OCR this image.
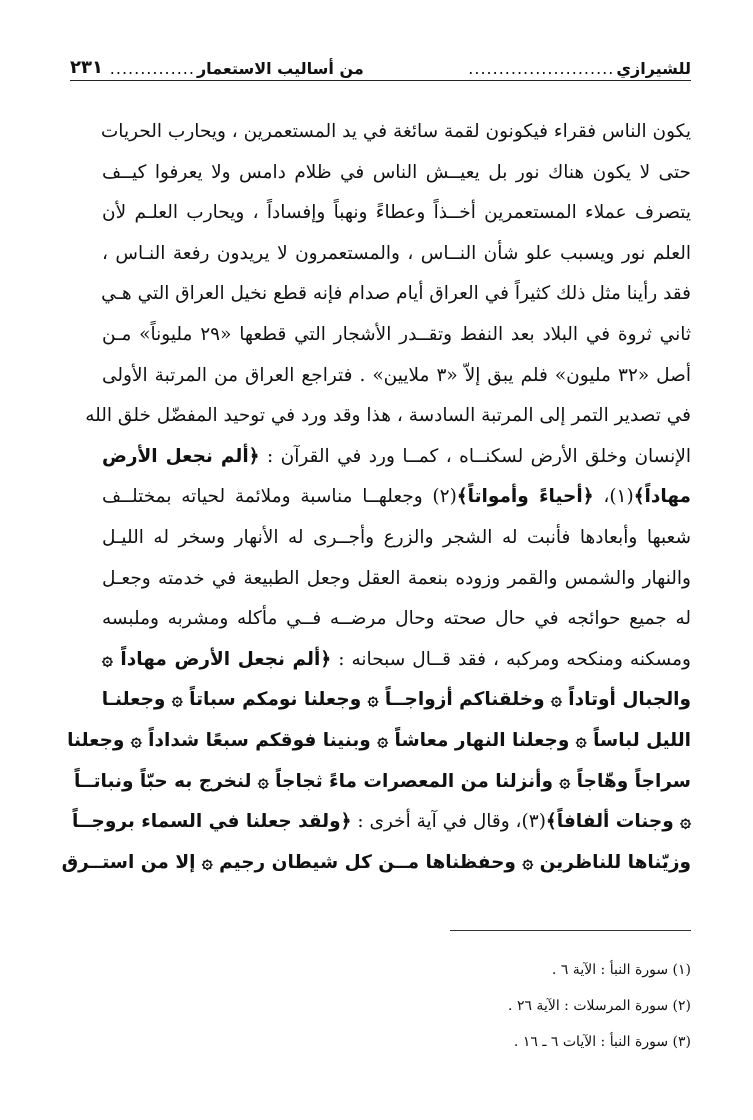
للشيرازي
........................
من أساليب الاستعمار
..............
٢٣١
يكون الناس فقراء فيكونون لقمة سائغة في يد المستعمرين ، ويحارب الحريات
حتى لا يكون هناك نور بل يعيــش الناس في ظلام دامس ولا يعرفوا كيــف
يتصرف عملاء المستعمرين أخــذاً وعطاءً ونهباً وإفساداً ، ويحارب العلـم لأن
العلم نور ويسبب علو شأن النــاس ، والمستعمرون لا يريدون رفعة النـاس ،
فقد رأينا مثل ذلك كثيراً في العراق أيام صدام فإنه قطع نخيل العراق التي هـي
ثاني ثروة في البلاد بعد النفط وتقــدر الأشجار التي قطعها «٢٩ مليوناً» مـن
أصل «٣٢ مليون» فلم يبق إلاّ «٣ ملايين» . فتراجع العراق من المرتبة الأولى
في تصدير التمر إلى المرتبة السادسة ، هذا وقد ورد في توحيد المفضّل خلق الله
الإنسان وخلق الأرض لسكنــاه ، كمــا ورد في القرآن : ﴿ألم نجعل الأرض
مهاداً﴾(١)، ﴿أحياءً وأمواتاً﴾(٢) وجعلهــا مناسبة وملائمة لحياته بمختلــف
شعبها وأبعادها فأنبت له الشجر والزرع وأجــرى له الأنهار وسخر له الليـل
والنهار والشمس والقمر وزوده بنعمة العقل وجعل الطبيعة في خدمته وجعـل
له جميع حوائجه في حال صحته وحال مرضــه فــي مأكله ومشربه وملبسه
ومسكنه ومنكحه ومركبه ، فقد قــال سبحانه : ﴿ألم نجعل الأرض مهاداً ۞
والجبال أوتاداً ۞ وخلقناكم أزواجــاً ۞ وجعلنا نومكم سباتاً ۞ وجعلنـا
الليل لباساً ۞ وجعلنا النهار معاشاً ۞ وبنينا فوقكم سبعًا شداداً ۞ وجعلنا
سراجاً وهّاجاً ۞ وأنزلنا من المعصرات ماءً ثجاجاً ۞ لنخرج به حبّاً ونباتــاً
۞ وجنات ألفافاً﴾(٣)، وقال في آية أخرى : ﴿ولقد جعلنا في السماء بروجــاً
وزيّناها للناظرين ۞ وحفظناها مــن كل شيطان رجيم ۞ إلا من استــرق
(١) سورة النبأ : الآية ٦ .
(٢) سورة المرسلات : الآية ٢٦ .
(٣) سورة النبأ : الآيات ٦ ـ ١٦ .
